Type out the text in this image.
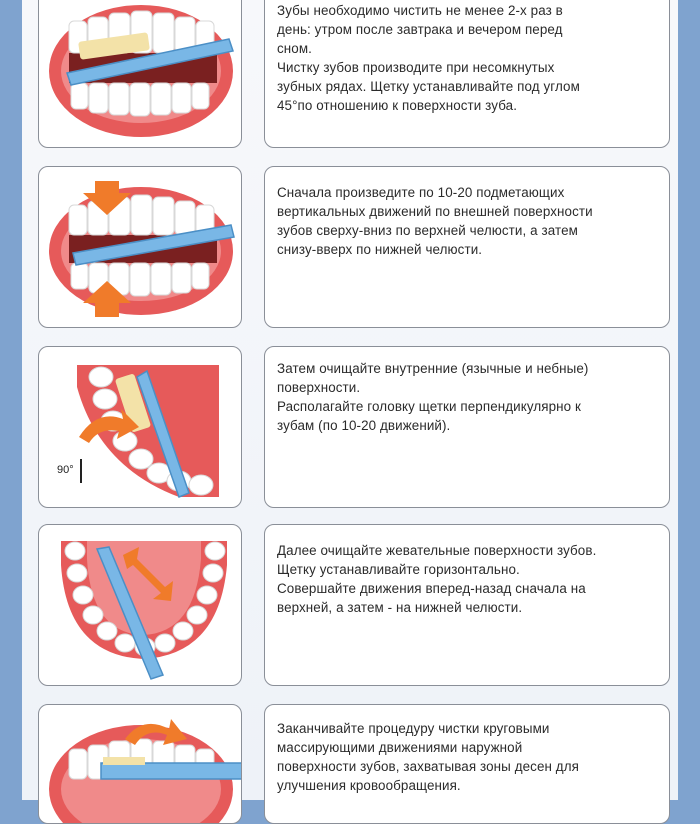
Зубы необходимо чистить не менее 2-х раз в

день: утром после завтрака и вечером перед

сном.

Чистку зубов производите при несомкнутых

зубных рядах. Щетку устанавливайте под углом

45°по отношению к поверхности зуба.

Сначала произведите по 10-20 подметающих

вертикальных движений по внешней поверхности

зубов сверху-вниз по верхней челюсти, а затем

снизу-вверх по нижней челюсти.

90°

Затем очищайте внутренние (язычные и небные)

поверхности.

Располагайте головку щетки перпендикулярно к

зубам (по 10-20 движений).

Далее очищайте жевательные поверхности зубов.

Щетку устанавливайте горизонтально.

Совершайте движения вперед-назад сначала на

верхней, а затем - на нижней челюсти.

Заканчивайте процедуру чистки круговыми

массирующими движениями наружной

поверхности зубов, захватывая зоны десен для

улучшения кровообращения.
